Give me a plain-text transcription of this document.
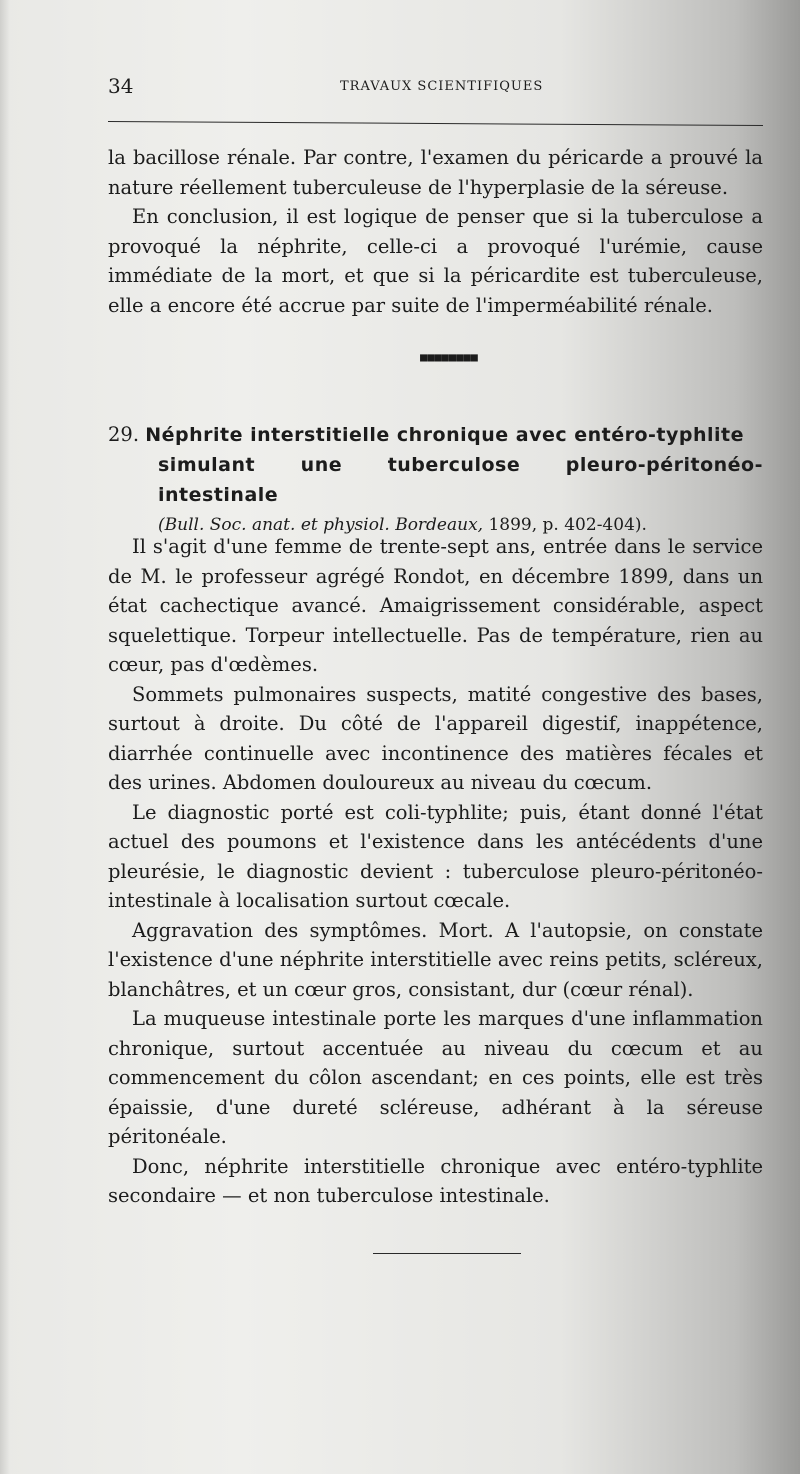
34	TRAVAUX SCIENTIFIQUES

la bacillose rénale. Par contre, l'examen du péricarde a prouvé la nature réellement tuberculeuse de l'hyperplasie de la séreuse.

En conclusion, il est logique de penser que si la tuberculose a provoqué la néphrite, celle-ci a provoqué l'urémie, cause immédiate de la mort, et que si la péricardite est tuberculeuse, elle a encore été accrue par suite de l'imperméabilité rénale.

■■■■■■■■
29. Néphrite interstitielle chronique avec entéro-typhlite
simulant une tuberculose pleuro-péritonéo-intestinale
(Bull. Soc. anat. et physiol. Bordeaux, 1899, p. 402-404).

Il s'agit d'une femme de trente-sept ans, entrée dans le service de M. le professeur agrégé Rondot, en décembre 1899, dans un état cachectique avancé. Amaigrissement considérable, aspect squelettique. Torpeur intellectuelle. Pas de température, rien au cœur, pas d'œdèmes.

Sommets pulmonaires suspects, matité congestive des bases, surtout à droite. Du côté de l'appareil digestif, inappétence, diarrhée continuelle avec incontinence des matières fécales et des urines. Abdomen douloureux au niveau du cœcum.

Le diagnostic porté est coli-typhlite; puis, étant donné l'état actuel des poumons et l'existence dans les antécédents d'une pleurésie, le diagnostic devient : tuberculose pleuro-péritonéo-intestinale à localisation surtout cœcale.

Aggravation des symptômes. Mort. A l'autopsie, on constate l'existence d'une néphrite interstitielle avec reins petits, scléreux, blanchâtres, et un cœur gros, consistant, dur (cœur rénal).

La muqueuse intestinale porte les marques d'une inflammation chronique, surtout accentuée au niveau du cœcum et au commencement du côlon ascendant; en ces points, elle est très épaissie, d'une dureté scléreuse, adhérant à la séreuse péritonéale.

Donc, néphrite interstitielle chronique avec entéro-typhlite secondaire — et non tuberculose intestinale.
